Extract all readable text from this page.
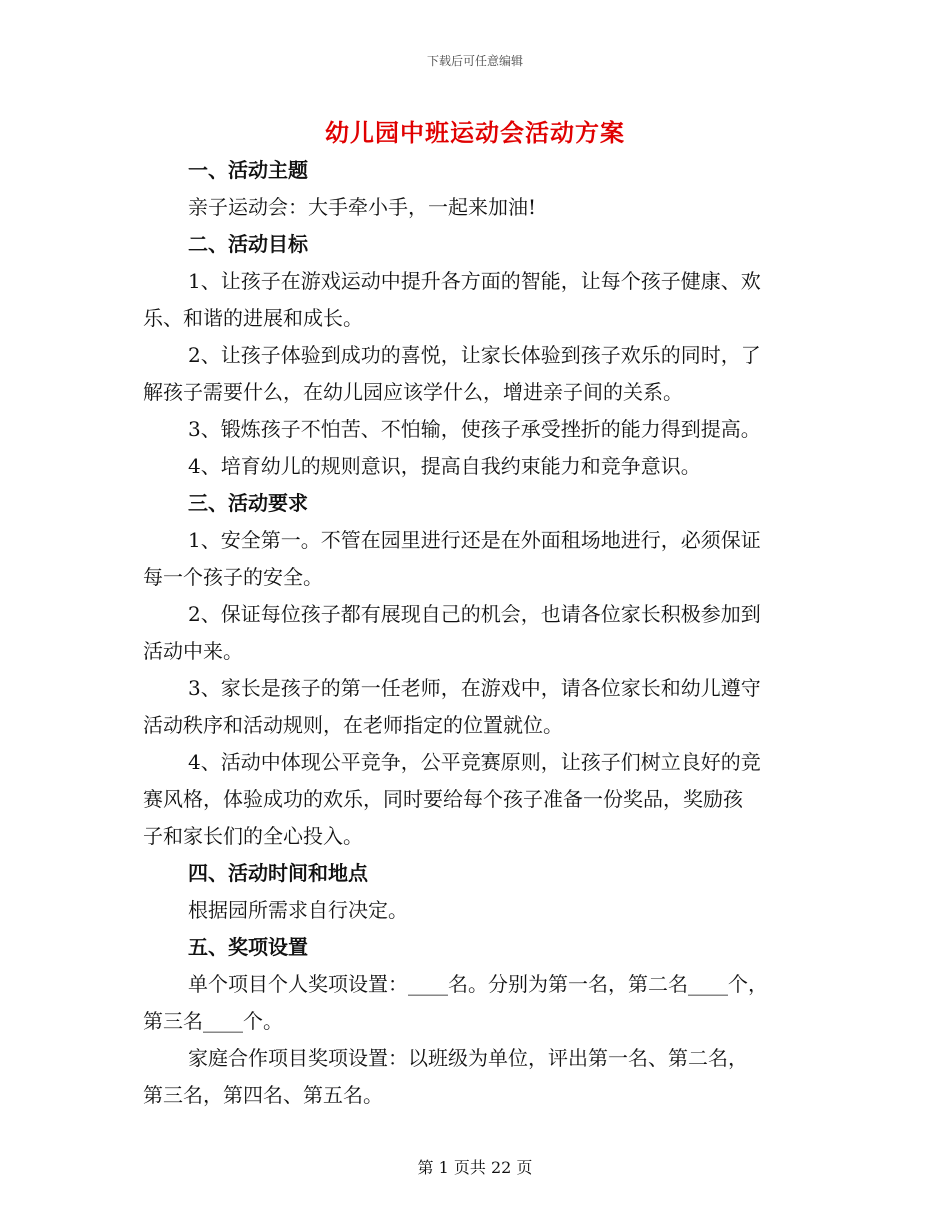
下载后可任意编辑
幼儿园中班运动会活动方案
一、活动主题
亲子运动会：大手牵小手，一起来加油!
二、活动目标
1、让孩子在游戏运动中提升各方面的智能，让每个孩子健康、欢
乐、和谐的进展和成长。
2、让孩子体验到成功的喜悦，让家长体验到孩子欢乐的同时，了
解孩子需要什么，在幼儿园应该学什么，增进亲子间的关系。
3、锻炼孩子不怕苦、不怕输，使孩子承受挫折的能力得到提高。
4、培育幼儿的规则意识，提高自我约束能力和竞争意识。
三、活动要求
1、安全第一。不管在园里进行还是在外面租场地进行，必须保证
每一个孩子的安全。
2、保证每位孩子都有展现自己的机会，也请各位家长积极参加到
活动中来。
3、家长是孩子的第一任老师，在游戏中，请各位家长和幼儿遵守
活动秩序和活动规则，在老师指定的位置就位。
4、活动中体现公平竞争，公平竞赛原则，让孩子们树立良好的竞
赛风格，体验成功的欢乐，同时要给每个孩子准备一份奖品，奖励孩
子和家长们的全心投入。
四、活动时间和地点
根据园所需求自行决定。
五、奖项设置
单个项目个人奖项设置：____名。分别为第一名，第二名____个，
第三名____个。
家庭合作项目奖项设置：以班级为单位，评出第一名、第二名，
第三名，第四名、第五名。
第 1 页共 22 页
